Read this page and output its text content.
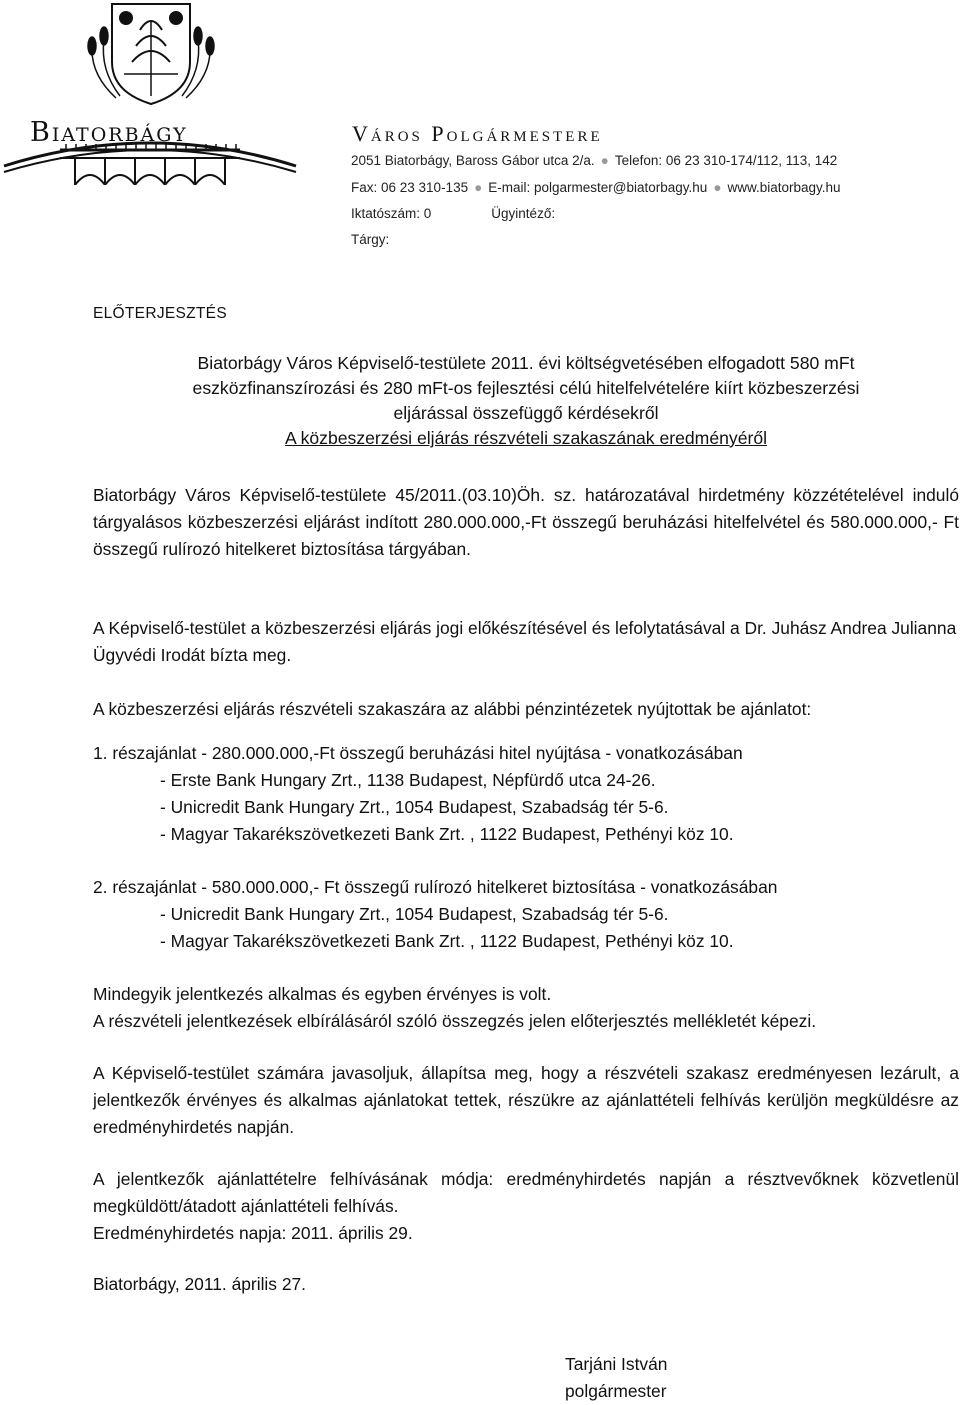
Biatorbágy	Város Polgármestere
2051 Biatorbágy, Baross Gábor utca 2/a. ● Telefon: 06 23 310-174/112, 113, 142
Fax: 06 23 310-135 ● E-mail: polgarmester@biatorbagy.hu ● www.biatorbagy.hu
Iktatószám: 0	Ügyintéző:
Tárgy:
ELŐTERJESZTÉS
Biatorbágy Város Képviselő-testülete 2011. évi költségvetésében elfogadott 580 mFt
eszközfinanszírozási és 280 mFt-os fejlesztési célú hitelfelvételére kiírt közbeszerzési
eljárással összefüggő kérdésekről
A közbeszerzési eljárás részvételi szakaszának eredményéről
Biatorbágy Város Képviselő-testülete 45/2011.(03.10)Öh. sz. határozatával hirdetmény közzétételével induló tárgyalásos közbeszerzési eljárást indított 280.000.000,-Ft összegű beruházási hitelfelvétel és 580.000.000,- Ft összegű rulírozó hitelkeret biztosítása tárgyában.
A Képviselő-testület a közbeszerzési eljárás jogi előkészítésével és lefolytatásával a Dr. Juhász Andrea Julianna Ügyvédi Irodát bízta meg.
A közbeszerzési eljárás részvételi szakaszára az alábbi pénzintézetek nyújtottak be ajánlatot:
1. részajánlat - 280.000.000,-Ft összegű beruházási hitel nyújtása - vonatkozásában
- Erste Bank Hungary Zrt., 1138 Budapest, Népfürdő utca 24-26.
- Unicredit Bank Hungary Zrt., 1054 Budapest, Szabadság tér 5-6.
- Magyar Takarékszövetkezeti Bank Zrt. , 1122 Budapest, Pethényi köz 10.
2. részajánlat - 580.000.000,- Ft összegű rulírozó hitelkeret biztosítása - vonatkozásában
- Unicredit Bank Hungary Zrt., 1054 Budapest, Szabadság tér 5-6.
- Magyar Takarékszövetkezeti Bank Zrt. , 1122 Budapest, Pethényi köz 10.
Mindegyik jelentkezés alkalmas és egyben érvényes is volt.
A részvételi jelentkezések elbírálásáról szóló összegzés jelen előterjesztés mellékletét képezi.
A Képviselő-testület számára javasoljuk, állapítsa meg, hogy a részvételi szakasz eredményesen lezárult, a jelentkezők érvényes és alkalmas ajánlatokat tettek, részükre az ajánlattételi felhívás kerüljön megküldésre az eredményhirdetés napján.
A jelentkezők ajánlattételre felhívásának módja: eredményhirdetés napján a résztvevőknek közvetlenül megküldött/átadott ajánlattételi felhívás.
Eredményhirdetés napja: 2011. április 29.
Biatorbágy, 2011. április 27.
Tarjáni István
polgármester
